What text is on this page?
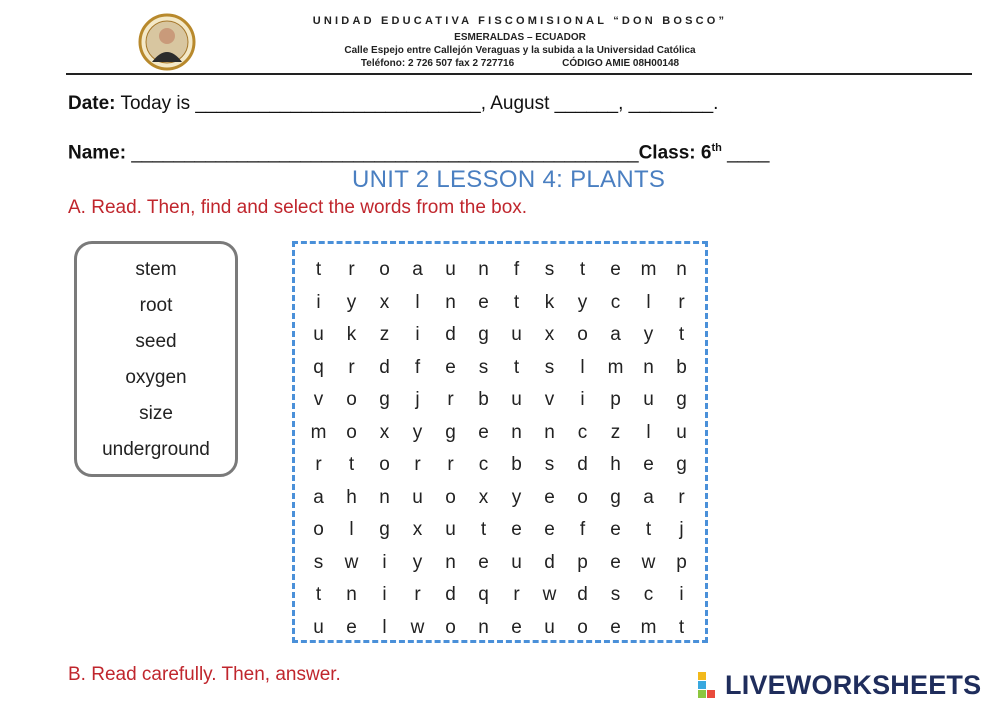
UNIDAD EDUCATIVA FISCOMISIONAL “DON BOSCO”
ESMERALDAS – ECUADOR
Calle Espejo entre Callejón Veraguas y la subida a la Universidad Católica
Teléfono: 2 726 507 fax 2 727716	CÓDIGO AMIE 08H00148
Date: Today is ___________________________, August ______, ________.
Name: ________________________________________________Class: 6th ____
UNIT 2 LESSON 4: PLANTS
A. Read. Then, find and select the words from the box.
stem
root
seed
oxygen
size
underground
t	r	o	a	u	n	f	s	t	e	m	n
i	y	x	l	n	e	t	k	y	c	l	r
u	k	z	i	d	g	u	x	o	a	y	t
q	r	d	f	e	s	t	s	l	m	n	b
v	o	g	j	r	b	u	v	i	p	u	g
m	o	x	y	g	e	n	n	c	z	l	u
r	t	o	r	r	c	b	s	d	h	e	g
a	h	n	u	o	x	y	e	o	g	a	r
o	l	g	x	u	t	e	e	f	e	t	j
s	w	i	y	n	e	u	d	p	e	w	p
t	n	i	r	d	q	r	w	d	s	c	i
u	e	l	w	o	n	e	u	o	e	m	t
B. Read carefully. Then, answer.	LIVEWORKSHEETS
